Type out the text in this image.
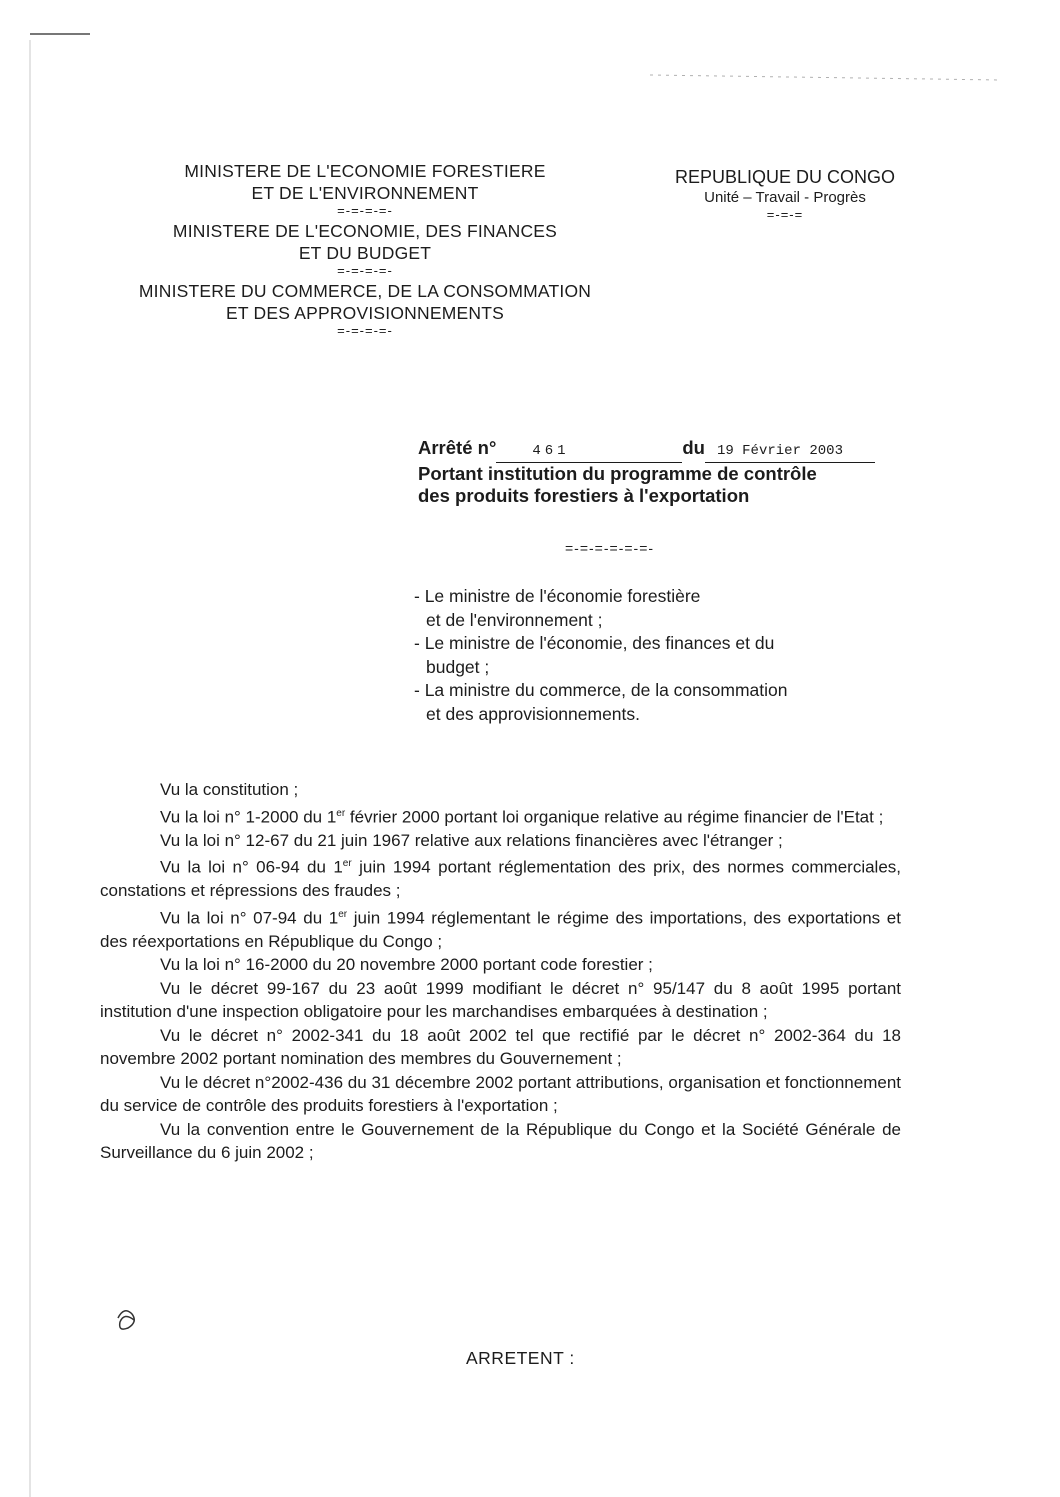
MINISTERE DE L'ECONOMIE FORESTIERE
ET DE L'ENVIRONNEMENT
=-=-=-=-
MINISTERE DE L'ECONOMIE, DES FINANCES
ET DU BUDGET
=-=-=-=-
MINISTERE DU COMMERCE, DE LA CONSOMMATION
ET DES APPROVISIONNEMENTS
=-=-=-=-
REPUBLIQUE DU CONGO
Unité – Travail - Progrès
=-=-=
Arrêté n°	461	du 19 Février 2003
Portant institution du programme de contrôle
des produits forestiers à l'exportation
=-=-=-=-=-=-
- Le ministre de l'économie forestière
et de l'environnement ;
- Le ministre de l'économie, des finances et du
budget ;
- La ministre du commerce, de la consommation
et des approvisionnements.

Vu la constitution ;

Vu la loi n° 1-2000 du 1er février 2000 portant loi organique relative au régime financier de l'Etat ;

Vu la loi n° 12-67 du 21 juin 1967 relative aux relations financières avec l'étranger ;

Vu la loi n° 06-94 du 1er juin 1994 portant réglementation des prix, des normes commerciales, constations et répressions des fraudes ;

Vu la loi n° 07-94 du 1er juin 1994 réglementant le régime des importations, des exportations et des réexportations en République du Congo ;

Vu la loi n° 16-2000 du 20 novembre 2000 portant code forestier ;

Vu le décret 99-167 du 23 août 1999 modifiant le décret n° 95/147 du 8 août 1995 portant institution d'une inspection obligatoire pour les marchandises embarquées à destination ;

Vu le décret n° 2002-341 du 18 août 2002 tel que rectifié par le décret n° 2002-364 du 18 novembre 2002 portant nomination des membres du Gouvernement ;

Vu le décret n°2002-436 du 31 décembre 2002 portant attributions, organisation et fonctionnement du service de contrôle des produits forestiers à l'exportation ;

Vu la convention entre le Gouvernement de la République du Congo et la Société Générale de Surveillance du 6 juin 2002 ;

ARRETENT :
